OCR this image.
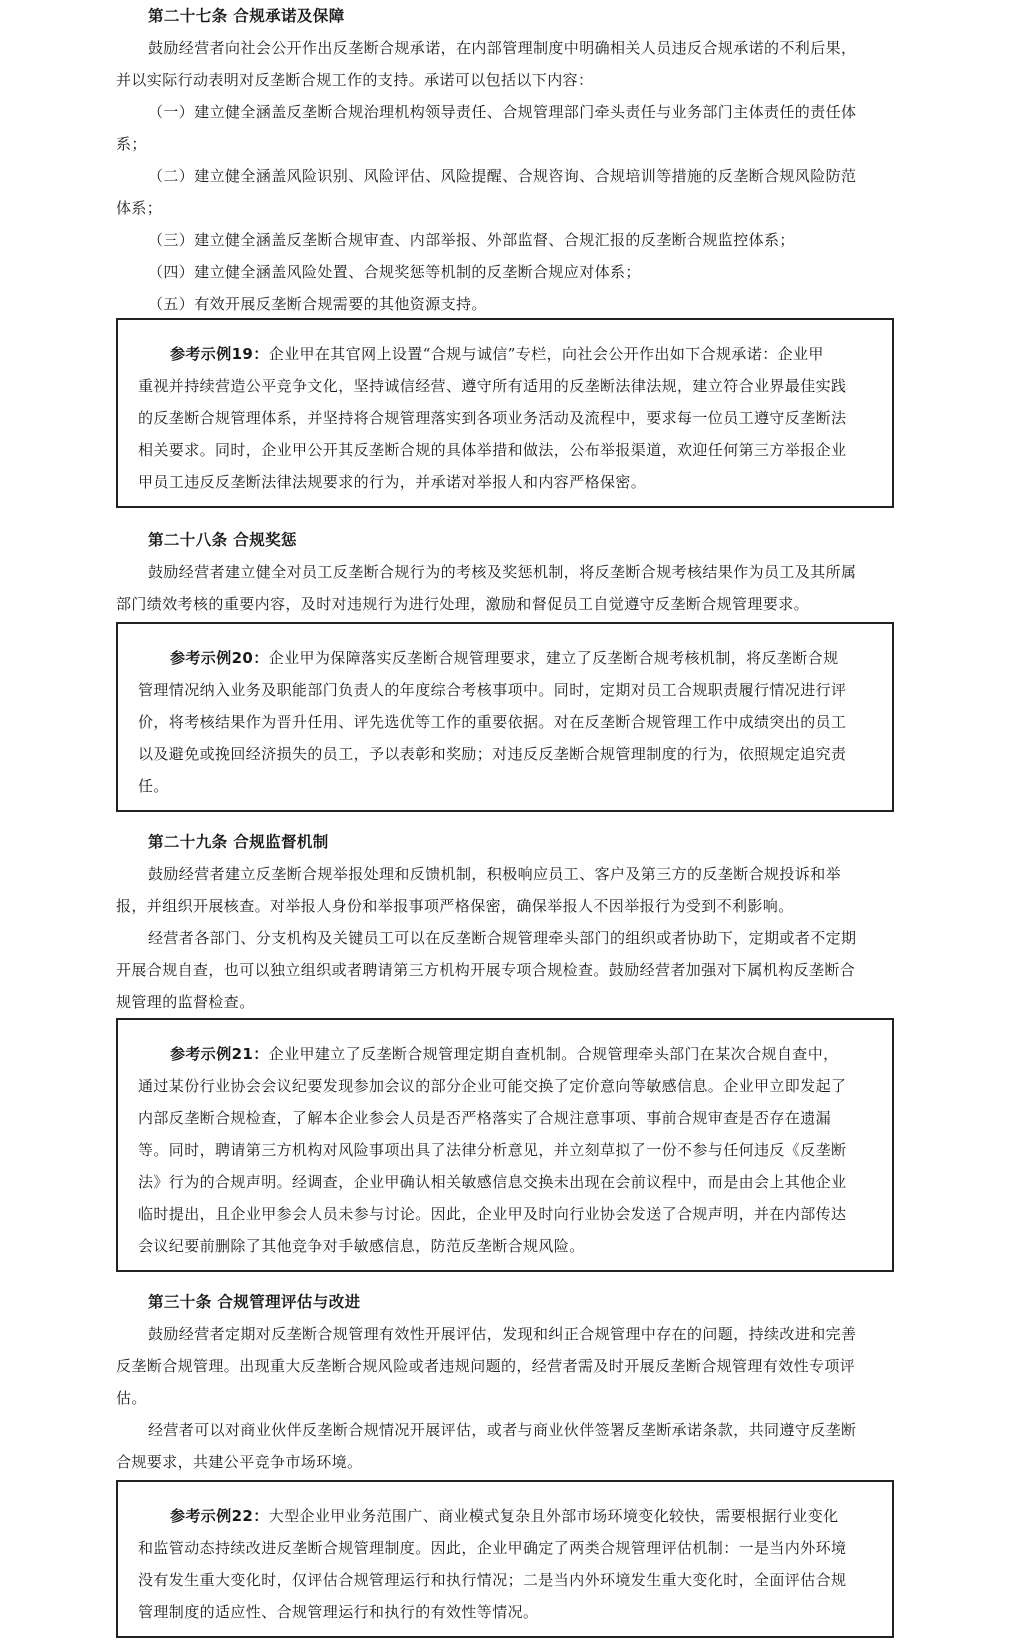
第二十七条 合规承诺及保障

鼓励经营者向社会公开作出反垄断合规承诺，在内部管理制度中明确相关人员违反合规承诺的不利后果，

并以实际行动表明对反垄断合规工作的支持。承诺可以包括以下内容：

（一）建立健全涵盖反垄断合规治理机构领导责任、合规管理部门牵头责任与业务部门主体责任的责任体

系；

（二）建立健全涵盖风险识别、风险评估、风险提醒、合规咨询、合规培训等措施的反垄断合规风险防范

体系；

（三）建立健全涵盖反垄断合规审查、内部举报、外部监督、合规汇报的反垄断合规监控体系；

（四）建立健全涵盖风险处置、合规奖惩等机制的反垄断合规应对体系；

（五）有效开展反垄断合规需要的其他资源支持。

参考示例19：企业甲在其官网上设置“合规与诚信”专栏，向社会公开作出如下合规承诺：企业甲

重视并持续营造公平竞争文化，坚持诚信经营、遵守所有适用的反垄断法律法规，建立符合业界最佳实践

的反垄断合规管理体系，并坚持将合规管理落实到各项业务活动及流程中，要求每一位员工遵守反垄断法

相关要求。同时，企业甲公开其反垄断合规的具体举措和做法，公布举报渠道，欢迎任何第三方举报企业

甲员工违反反垄断法律法规要求的行为，并承诺对举报人和内容严格保密。

第二十八条 合规奖惩

鼓励经营者建立健全对员工反垄断合规行为的考核及奖惩机制，将反垄断合规考核结果作为员工及其所属

部门绩效考核的重要内容，及时对违规行为进行处理，激励和督促员工自觉遵守反垄断合规管理要求。

参考示例20：企业甲为保障落实反垄断合规管理要求，建立了反垄断合规考核机制，将反垄断合规

管理情况纳入业务及职能部门负责人的年度综合考核事项中。同时，定期对员工合规职责履行情况进行评

价，将考核结果作为晋升任用、评先选优等工作的重要依据。对在反垄断合规管理工作中成绩突出的员工

以及避免或挽回经济损失的员工，予以表彰和奖励；对违反反垄断合规管理制度的行为，依照规定追究责

任。

第二十九条 合规监督机制

鼓励经营者建立反垄断合规举报处理和反馈机制，积极响应员工、客户及第三方的反垄断合规投诉和举

报，并组织开展核查。对举报人身份和举报事项严格保密，确保举报人不因举报行为受到不利影响。

经营者各部门、分支机构及关键员工可以在反垄断合规管理牵头部门的组织或者协助下，定期或者不定期

开展合规自查，也可以独立组织或者聘请第三方机构开展专项合规检查。鼓励经营者加强对下属机构反垄断合

规管理的监督检查。

参考示例21：企业甲建立了反垄断合规管理定期自查机制。合规管理牵头部门在某次合规自查中，

通过某份行业协会会议纪要发现参加会议的部分企业可能交换了定价意向等敏感信息。企业甲立即发起了

内部反垄断合规检查，了解本企业参会人员是否严格落实了合规注意事项、事前合规审查是否存在遗漏

等。同时，聘请第三方机构对风险事项出具了法律分析意见，并立刻草拟了一份不参与任何违反《反垄断

法》行为的合规声明。经调查，企业甲确认相关敏感信息交换未出现在会前议程中，而是由会上其他企业

临时提出，且企业甲参会人员未参与讨论。因此，企业甲及时向行业协会发送了合规声明，并在内部传达

会议纪要前删除了其他竞争对手敏感信息，防范反垄断合规风险。

第三十条 合规管理评估与改进

鼓励经营者定期对反垄断合规管理有效性开展评估，发现和纠正合规管理中存在的问题，持续改进和完善

反垄断合规管理。出现重大反垄断合规风险或者违规问题的，经营者需及时开展反垄断合规管理有效性专项评

估。

经营者可以对商业伙伴反垄断合规情况开展评估，或者与商业伙伴签署反垄断承诺条款，共同遵守反垄断

合规要求，共建公平竞争市场环境。

参考示例22：大型企业甲业务范围广、商业模式复杂且外部市场环境变化较快，需要根据行业变化

和监管动态持续改进反垄断合规管理制度。因此，企业甲确定了两类合规管理评估机制：一是当内外环境

没有发生重大变化时，仅评估合规管理运行和执行情况；二是当内外环境发生重大变化时，全面评估合规

管理制度的适应性、合规管理运行和执行的有效性等情况。
